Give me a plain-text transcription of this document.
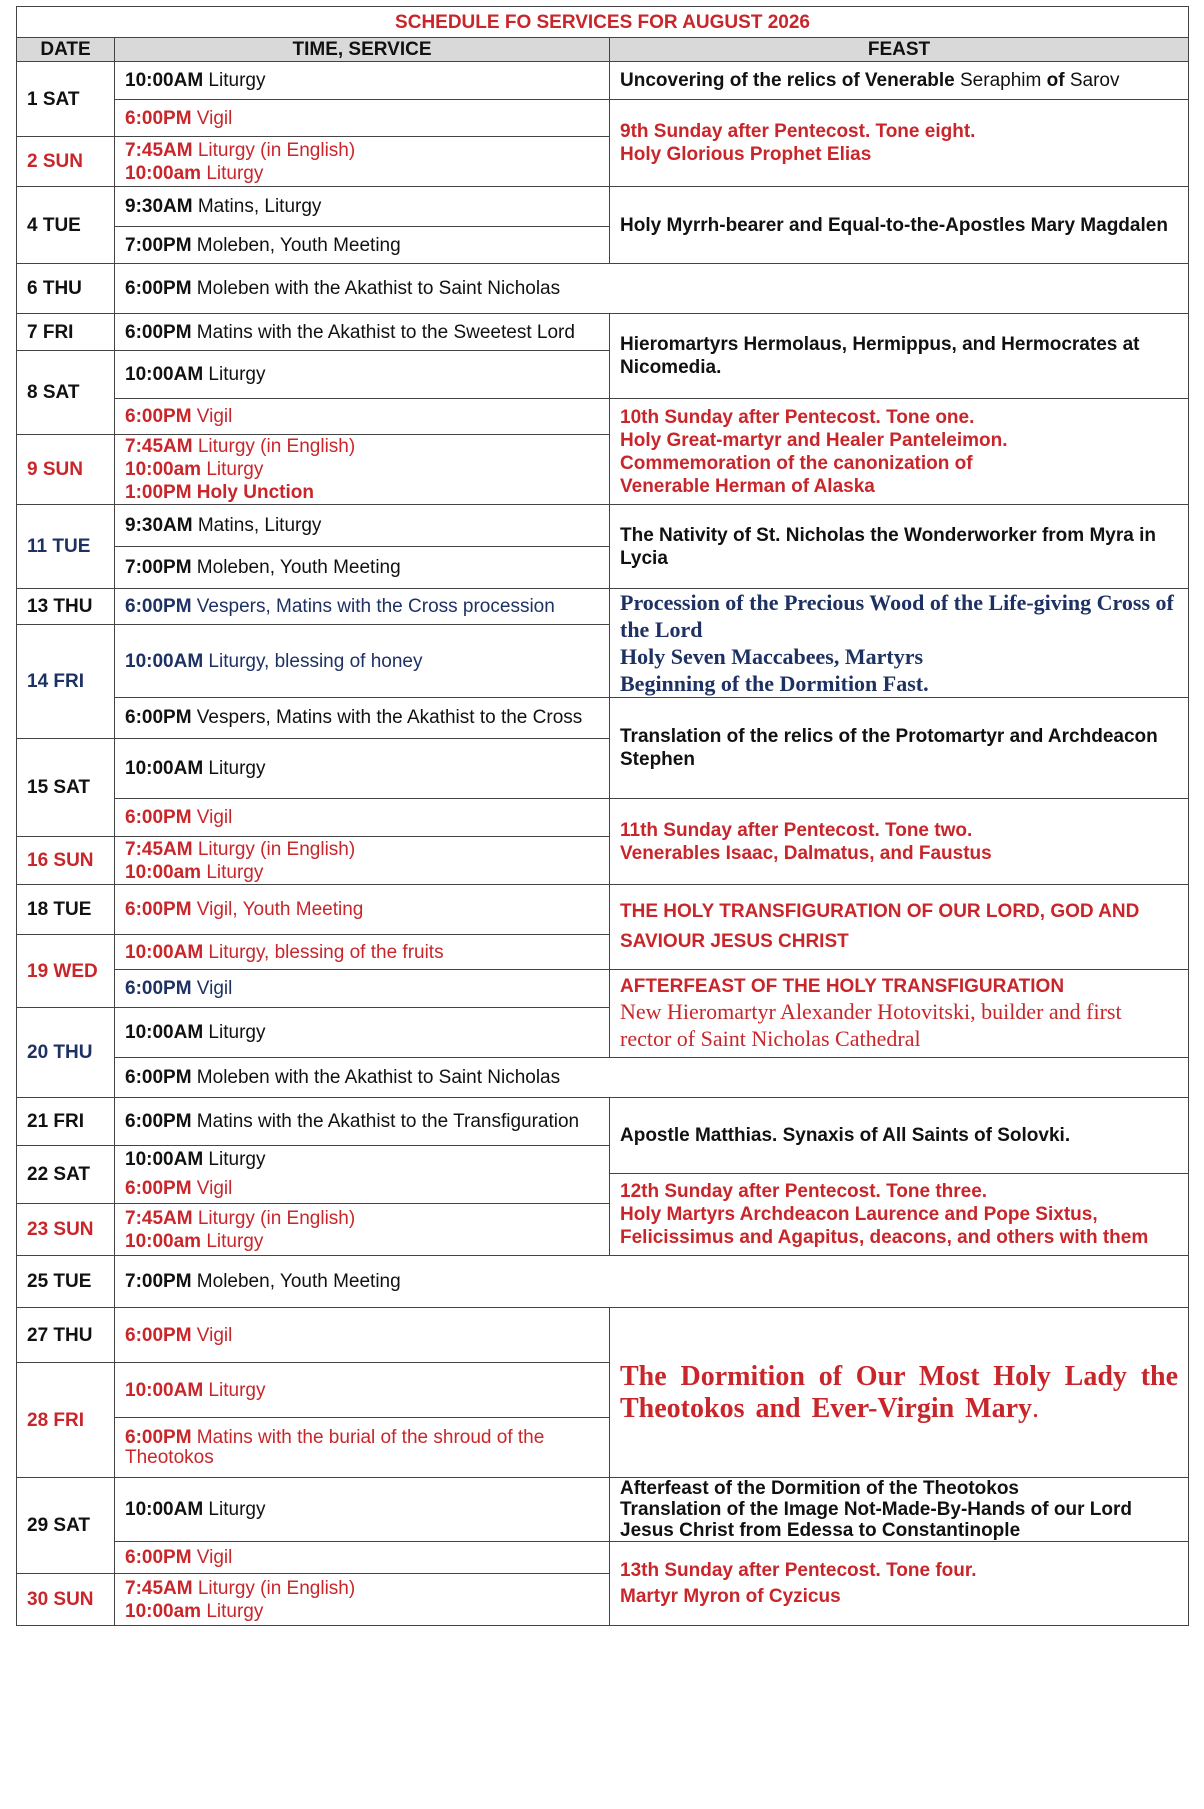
SCHEDULE FO SERVICES FOR AUGUST 2026		
DATE	TIME, SERVICE	FEAST
1 SAT	10:00AM Liturgy	Uncovering of the relics of Venerable Seraphim of Sarov
	6:00PM Vigil	9th Sunday after Pentecost. Tone eight.
Holy Glorious Prophet Elias

2 SUN	7:45AM Liturgy (in English)
10:00am Liturgy	

4 TUE	9:30AM Matins, Liturgy	Holy Myrrh-bearer and Equal-to-the-Apostles Mary Magdalen
	7:00PM Moleben, Youth Meeting	
6 THU	6:00PM Moleben with the Akathist to Saint Nicholas	
7 FRI	6:00PM Matins with the Akathist to the Sweetest Lord	Hieromartyrs Hermolaus, Hermippus, and Hermocrates at Nicomedia.
8 SAT	10:00AM Liturgy	
	6:00PM Vigil	10th Sunday after Pentecost. Tone one.
Holy Great-martyr and Healer Panteleimon.
Commemoration of the canonization of
Venerable Herman of Alaska

9 SUN	7:45AM Liturgy (in English)
10:00am Liturgy
1:00PM Holy Unction	

11 TUE	9:30AM Matins, Liturgy	The Nativity of St. Nicholas the Wonderworker from Myra in Lycia
	7:00PM Moleben, Youth Meeting	
13 THU	6:00PM Vespers, Matins with the Cross procession	Procession of the Precious Wood of the Life-giving Cross of the Lord
Holy Seven Maccabees, Martyrs
Beginning of the Dormition Fast.

14 FRI	10:00AM Liturgy, blessing of honey	
	6:00PM Vespers, Matins with the Akathist to the Cross	Translation of the relics of the Protomartyr and Archdeacon Stephen
15 SAT	10:00AM Liturgy	
	6:00PM Vigil	11th Sunday after Pentecost. Tone two.
Venerables Isaac, Dalmatus, and Faustus

16 SUN	7:45AM Liturgy (in English)
10:00am Liturgy	

18 TUE	6:00PM Vigil, Youth Meeting	THE HOLY TRANSFIGURATION OF OUR LORD, GOD AND SAVIOUR JESUS CHRIST
19 WED	10:00AM Liturgy, blessing of the fruits	
	6:00PM Vigil	AFTERFEAST OF THE HOLY TRANSFIGURATION
New Hieromartyr Alexander Hotovitski, builder and first rector of Saint Nicholas Cathedral

20 THU	10:00AM Liturgy	
	6:00PM Moleben with the Akathist to Saint Nicholas	
21 FRI	6:00PM Matins with the Akathist to the Transfiguration	Apostle Matthias. Synaxis of All Saints of Solovki.
22 SAT	10:00AM Liturgy	
	6:00PM Vigil	12th Sunday after Pentecost. Tone three.
Holy Martyrs Archdeacon Laurence and Pope Sixtus, Felicissimus and Agapitus, deacons, and others with them

23 SUN	7:45AM Liturgy (in English)
10:00am Liturgy	

25 TUE	7:00PM Moleben, Youth Meeting	
27 THU	6:00PM Vigil	The Dormition of Our Most Holy Lady the Theotokos and Ever-Virgin Mary.

28 FRI	10:00AM Liturgy	
	6:00PM Matins with the burial of the shroud of the Theotokos	
29 SAT	10:00AM Liturgy	Afterfeast of the Dormition of the Theotokos
Translation of the Image Not-Made-By-Hands of our Lord Jesus Christ from Edessa to Constantinople

	6:00PM Vigil	13th Sunday after Pentecost. Tone four.
Martyr Myron of Cyzicus

30 SUN	7:45AM Liturgy (in English)
10:00am Liturgy	
